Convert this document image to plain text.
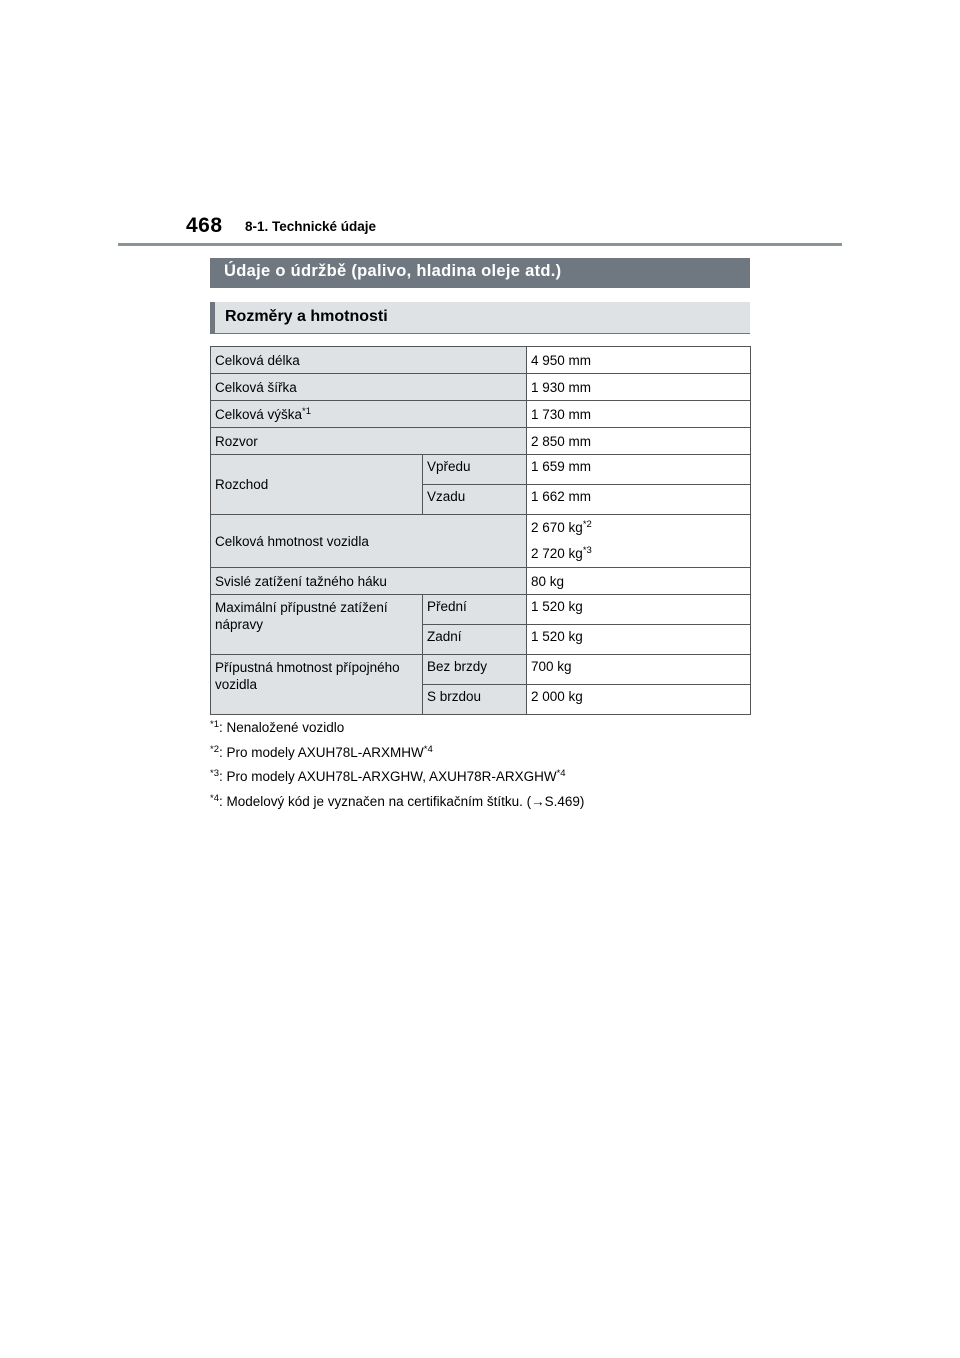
468 8-1. Technické údaje
Údaje o údržbě (palivo, hladina oleje atd.)
Rozměry a hmotnosti
Celková délka		4 950 mm
Celková šířka		1 930 mm
Celková výška$^{*1}$		1 730 mm
Rozvor		2 850 mm
Rozchod	Vpředu	1 659 mm
	Vzadu	1 662 mm
Celková hmotnost vozidla		2 670 $kg^{*2}$
2 720 $kg^{*3}$

Svislé zatížení tažného háku		80 kg
Maximální přípustné zatížení nápravy	Přední	1 520 kg
	Zadní	1 520 kg
Přípustná hmotnost přípojného vozidla	Bez brzdy	700 kg
	S brzdou	2 000 kg
$^{*1}$: Nenaložené vozidlo
$^{*2}$: Pro modely AXUH78L-ARXMHW$^{*4}$
$^{*3}$: Pro modely AXUH78L-ARXGHW, AXUH78R-ARXGHW$^{*4}$
$^{*4}$: Modelový kód je vyznačen na certifikačním štítku. (→S.469)
